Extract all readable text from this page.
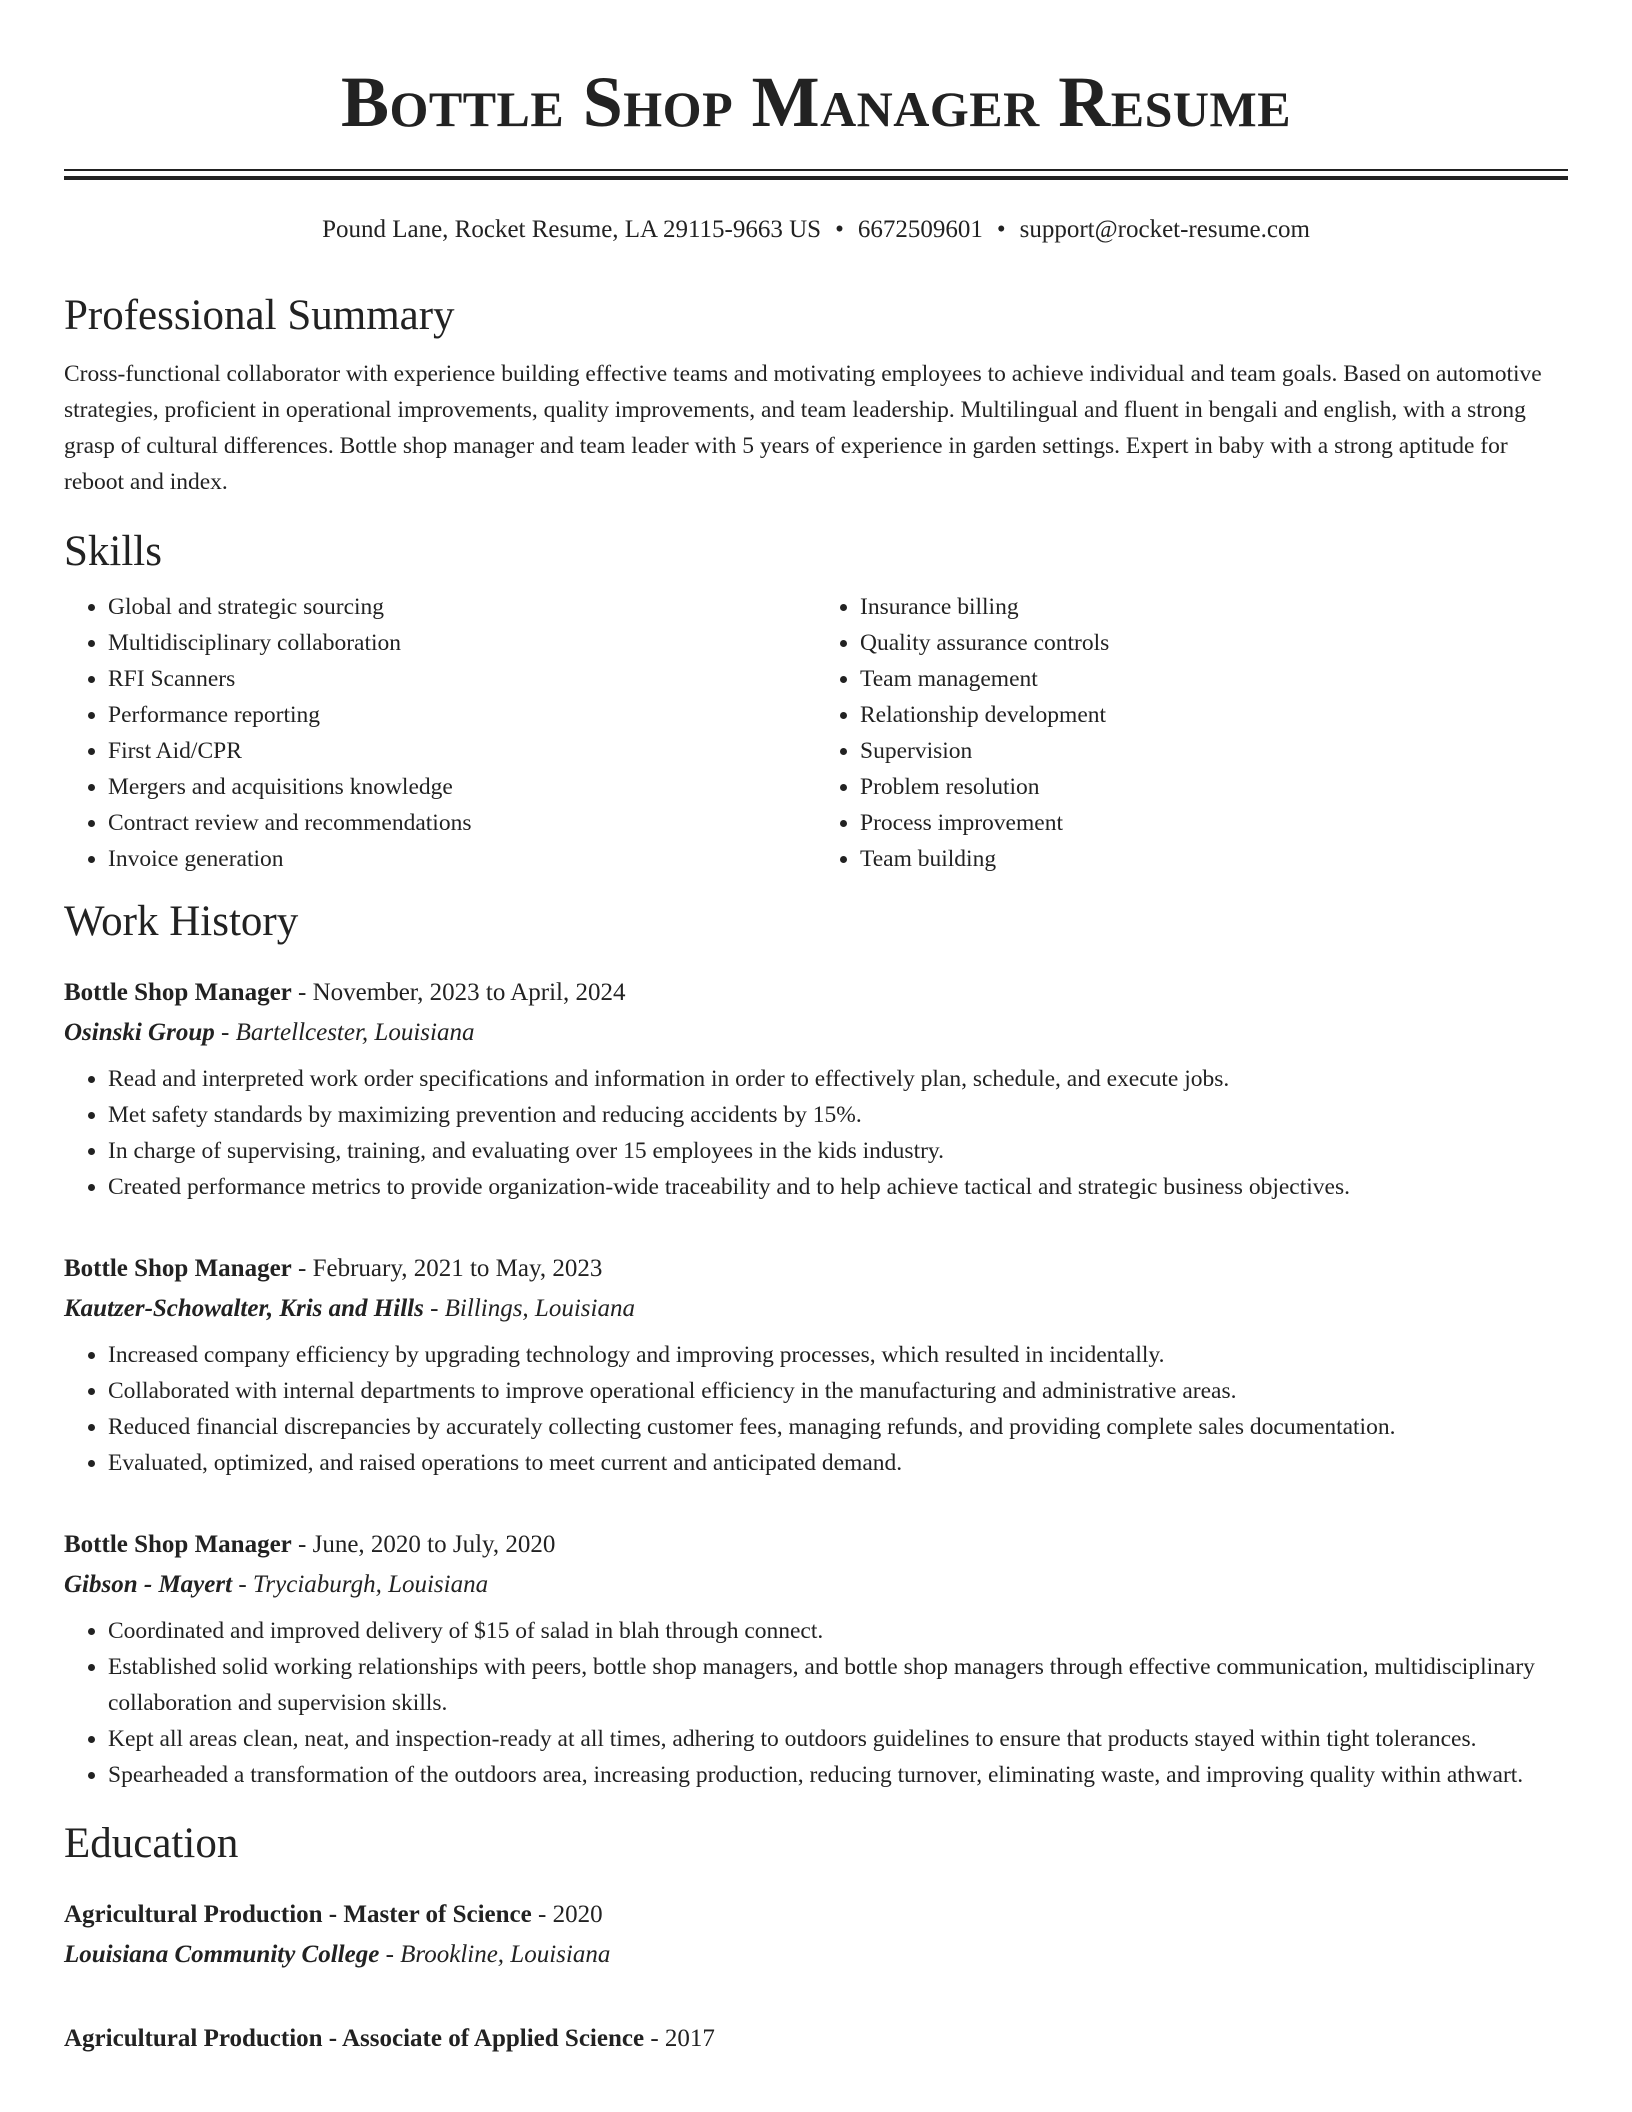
Bottle Shop Manager Resume
Pound Lane, Rocket Resume, LA 29115-9663 US • 6672509601 • support@rocket-resume.com
Professional Summary

Cross-functional collaborator with experience building effective teams and motivating employees to achieve individual and team goals. Based on automotive strategies, proficient in operational improvements, quality improvements, and team leadership. Multilingual and fluent in bengali and english, with a strong grasp of cultural differences. Bottle shop manager and team leader with 5 years of experience in garden settings. Expert in baby with a strong aptitude for reboot and index.

Skills
• Global and strategic sourcing
• Multidisciplinary collaboration
• RFI Scanners
• Performance reporting
• First Aid/CPR
• Mergers and acquisitions knowledge
• Contract review and recommendations
• Invoice generation
• Insurance billing
• Quality assurance controls
• Team management
• Relationship development
• Supervision
• Problem resolution
• Process improvement
• Team building
Work History
Bottle Shop Manager - November, 2023 to April, 2024
Osinski Group - Bartellcester, Louisiana
• Read and interpreted work order specifications and information in order to effectively plan, schedule, and execute jobs.
• Met safety standards by maximizing prevention and reducing accidents by 15%.
• In charge of supervising, training, and evaluating over 15 employees in the kids industry.
• Created performance metrics to provide organization-wide traceability and to help achieve tactical and strategic business objectives.
Bottle Shop Manager - February, 2021 to May, 2023
Kautzer-Schowalter, Kris and Hills - Billings, Louisiana
• Increased company efficiency by upgrading technology and improving processes, which resulted in incidentally.
• Collaborated with internal departments to improve operational efficiency in the manufacturing and administrative areas.
• Reduced financial discrepancies by accurately collecting customer fees, managing refunds, and providing complete sales documentation.
• Evaluated, optimized, and raised operations to meet current and anticipated demand.
Bottle Shop Manager - June, 2020 to July, 2020
Gibson - Mayert - Tryciaburgh, Louisiana
• Coordinated and improved delivery of $15 of salad in blah through connect.
• Established solid working relationships with peers, bottle shop managers, and bottle shop managers through effective communication, multidisciplinary collaboration and supervision skills.
• Kept all areas clean, neat, and inspection-ready at all times, adhering to outdoors guidelines to ensure that products stayed within tight tolerances.
• Spearheaded a transformation of the outdoors area, increasing production, reducing turnover, eliminating waste, and improving quality within athwart.
Education
Agricultural Production - Master of Science - 2020
Louisiana Community College - Brookline, Louisiana
Agricultural Production - Associate of Applied Science - 2017
